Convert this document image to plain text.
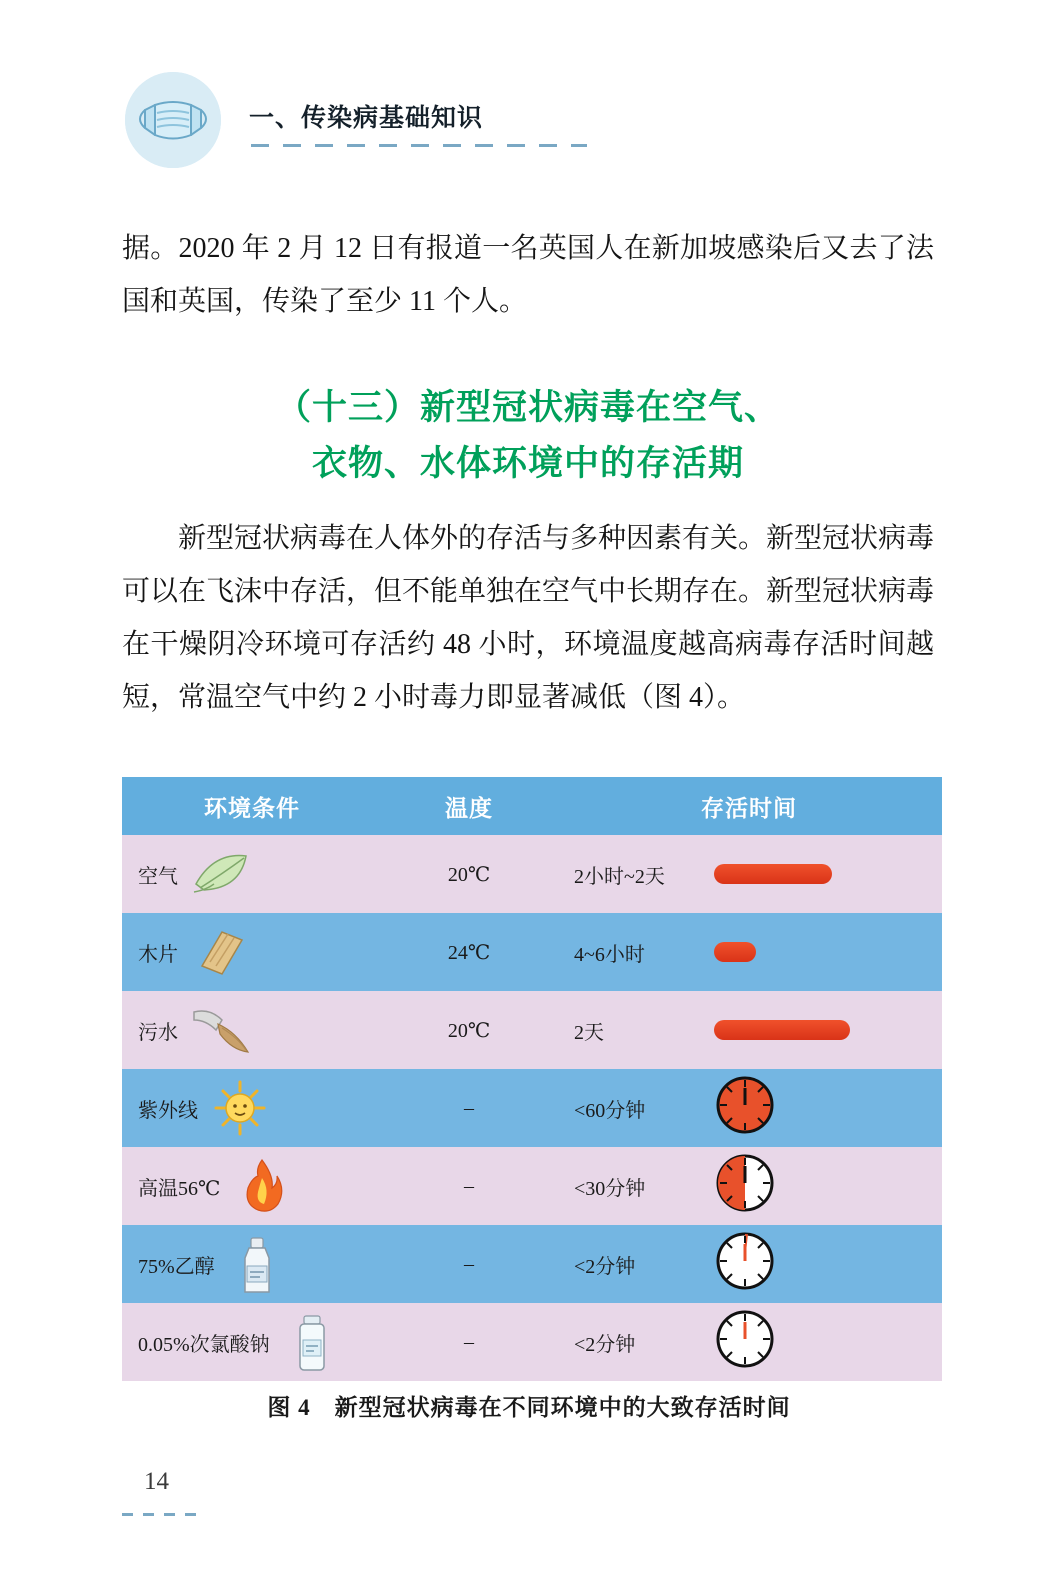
一、传染病基础知识
据。2020 年 2 月 12 日有报道一名英国人在新加坡感染后又去了法国和英国，传染了至少 11 个人。
（十三）新型冠状病毒在空气、
衣物、水体环境中的存活期
新型冠状病毒在人体外的存活与多种因素有关。新型冠状病毒可以在飞沫中存活，但不能单独在空气中长期存在。新型冠状病毒在干燥阴冷环境可存活约 48 小时，环境温度越高病毒存活时间越短，常温空气中约 2 小时毒力即显著减低（图 4）。
环境条件	温度	存活时间

空气	20℃	2小时~2天

木片	24℃	4~6小时

污水	20℃	2天

紫外线	–	<60分钟

高温56℃	–	<30分钟

75%乙醇	–	<2分钟

0.05%次氯酸钠	–	<2分钟
图 4　新型冠状病毒在不同环境中的大致存活时间
14
